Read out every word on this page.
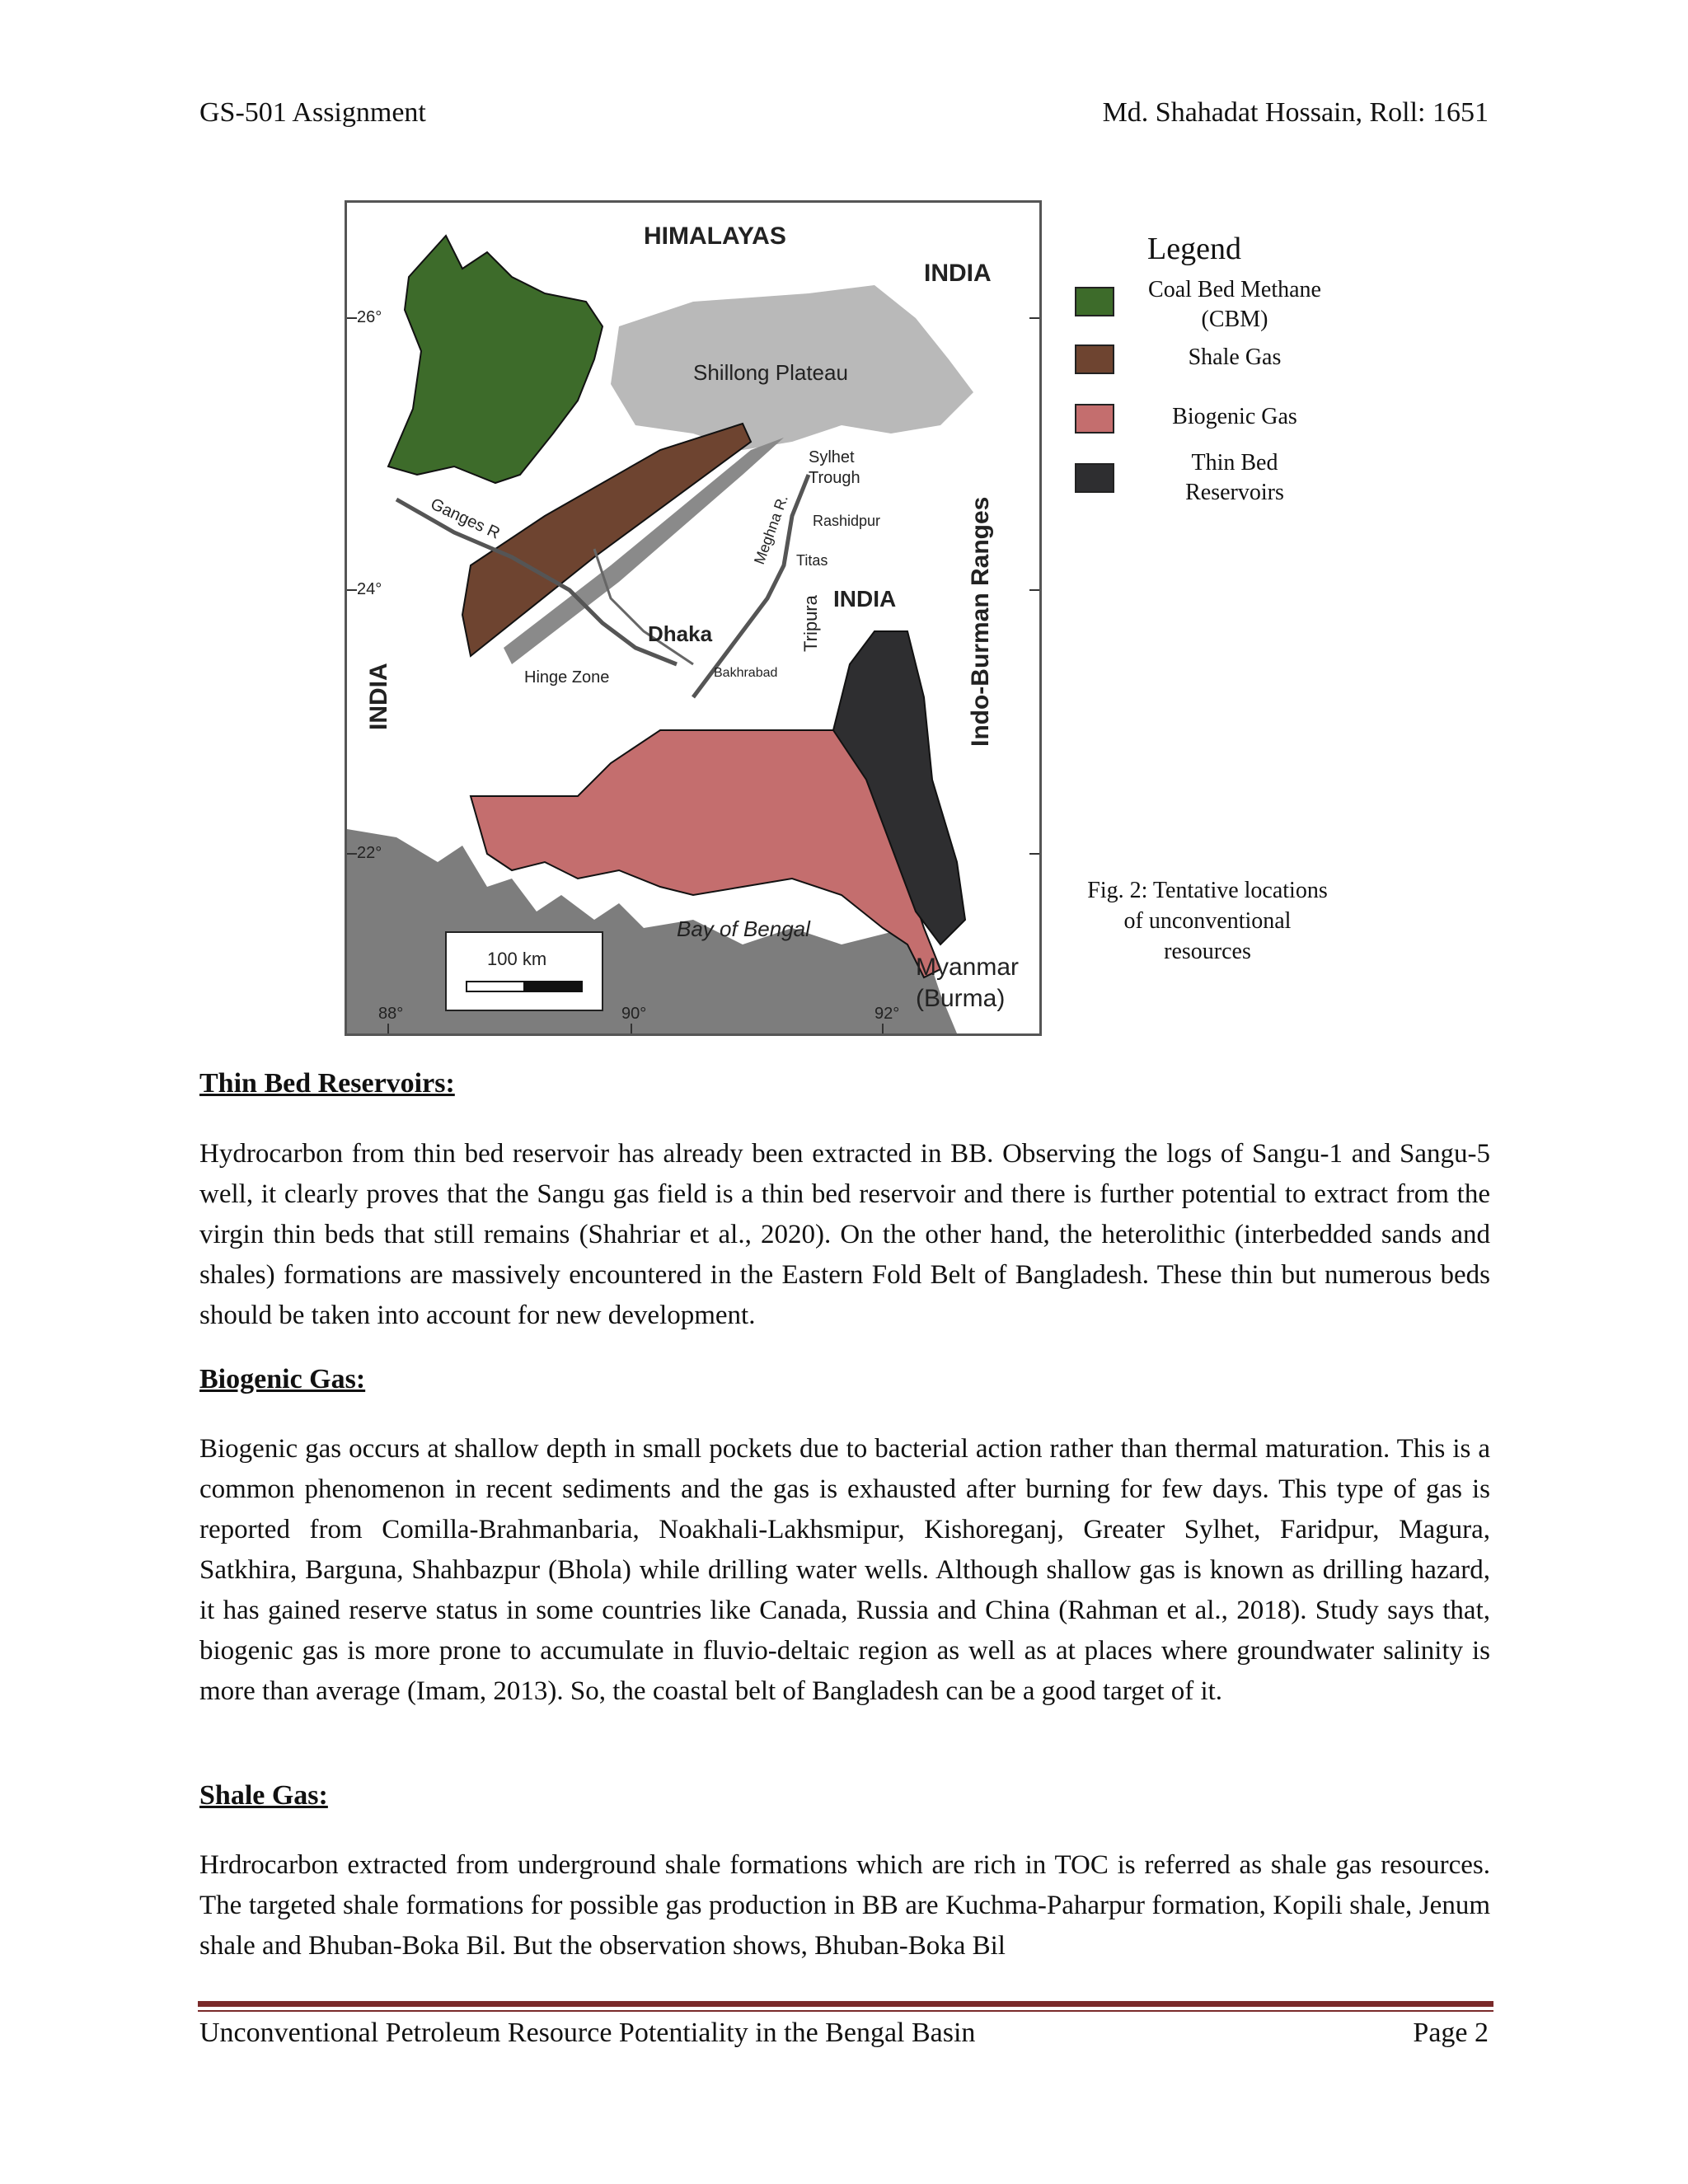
GS-501 Assignment	Md. Shahadat Hossain, Roll: 1651
HIMALAYAS
INDIA
Shillong Plateau
Sylhet
Trough
Meghna R. Rashidpur
Titas
INDIA
Tripura	Indo-Burman Ranges
Ganges R
Dhaka
Bakhrabad
Hinge Zone
INDIA
Bay of Bengal
Myanmar
(Burma)
26°
24°
22°
88°	90°	92°
100 km
Legend
Coal Bed Methane
(CBM)
Shale Gas
Biogenic Gas
Thin Bed
Reservoirs
Fig. 2: Tentative locations
of unconventional
resources
Thin Bed Reservoirs:
Hydrocarbon from thin bed reservoir has already been extracted in BB. Observing the logs of Sangu-1 and Sangu-5 well, it clearly proves that the Sangu gas field is a thin bed reservoir and there is further potential to extract from the virgin thin beds that still remains (Shahriar et al., 2020). On the other hand, the heterolithic (interbedded sands and shales) formations are massively encountered in the Eastern Fold Belt of Bangladesh. These thin but numerous beds should be taken into account for new development.
Biogenic Gas:
Biogenic gas occurs at shallow depth in small pockets due to bacterial action rather than thermal maturation. This is a common phenomenon in recent sediments and the gas is exhausted after burning for few days. This type of gas is reported from Comilla-Brahmanbaria, Noakhali-Lakhsmipur, Kishoreganj, Greater Sylhet, Faridpur, Magura, Satkhira, Barguna, Shahbazpur (Bhola) while drilling water wells. Although shallow gas is known as drilling hazard, it has gained reserve status in some countries like Canada, Russia and China (Rahman et al., 2018). Study says that, biogenic gas is more prone to accumulate in fluvio-deltaic region as well as at places where groundwater salinity is more than average (Imam, 2013). So, the coastal belt of Bangladesh can be a good target of it.
Shale Gas:
Hrdrocarbon extracted from underground shale formations which are rich in TOC is referred as shale gas resources. The targeted shale formations for possible gas production in BB are Kuchma-Paharpur formation, Kopili shale, Jenum shale and Bhuban-Boka Bil. But the observation shows, Bhuban-Boka Bil
Unconventional Petroleum Resource Potentiality in the Bengal Basin	Page 2
